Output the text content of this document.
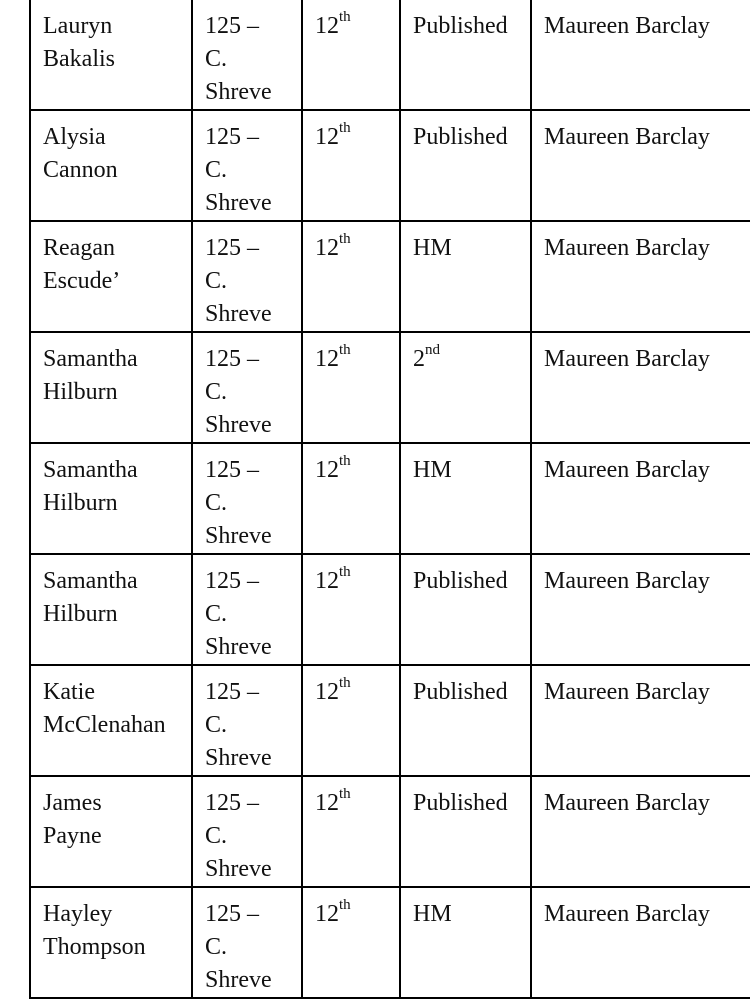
Lauryn
Bakalis	125 –
C.
Shreve	12th	Published	Maureen Barclay

Alysia
Cannon	125 –
C.
Shreve	12th	Published	Maureen Barclay

Reagan
Escude’	125 –
C.
Shreve	12th	HM	Maureen Barclay

Samantha
Hilburn	125 –
C.
Shreve	12th	2nd	Maureen Barclay

Samantha
Hilburn	125 –
C.
Shreve	12th	HM	Maureen Barclay

Samantha
Hilburn	125 –
C.
Shreve	12th	Published	Maureen Barclay

Katie
McClenahan	125 –
C.
Shreve	12th	Published	Maureen Barclay

James
Payne	125 –
C.
Shreve	12th	Published	Maureen Barclay

Hayley
Thompson	125 –
C.
Shreve	12th	HM	Maureen Barclay
